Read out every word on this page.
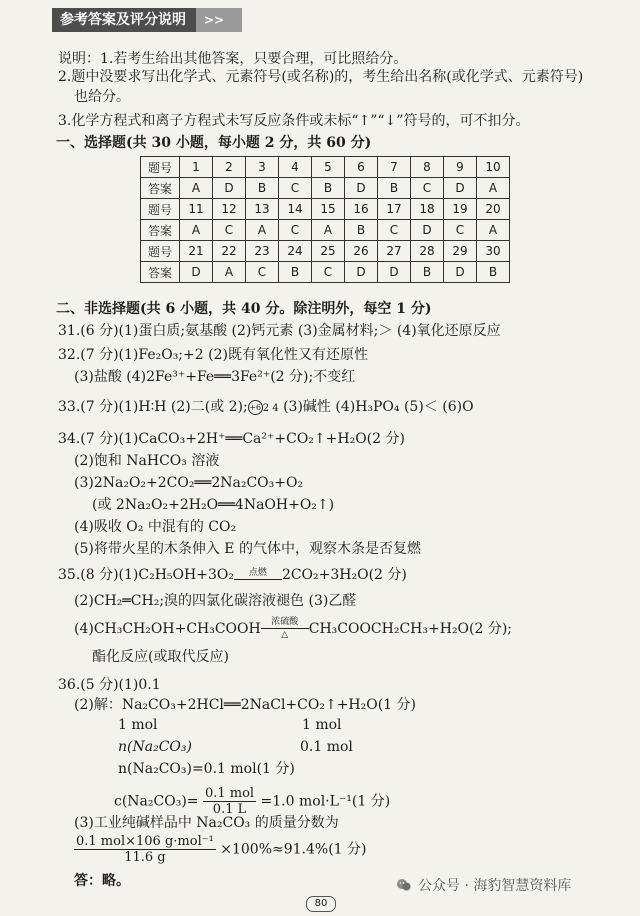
参考答案及评分说明	>>
说明：1.若考生给出其他答案，只要合理，可比照给分。
2.题中没要求写出化学式、元素符号(或名称)的，考生给出名称(或化学式、元素符号)
也给分。
3.化学方程式和离子方程式未写反应条件或未标“↑”“↓”符号的，可不扣分。
一、选择题(共 30 小题，每小题 2 分，共 60 分)
题号	1	2	3	4	5	6	7	8	9	10
答案	A	D	B	C	B	D	B	C	D	A
题号	11	12	13	14	15	16	17	18	19	20
答案	A	C	A	C	A	B	C	D	C	A
题号	21	22	23	24	25	26	27	28	29	30
答案	D	A	C	B	C	D	D	B	D	B
二、非选择题(共 6 小题，共 40 分。除注明外，每空 1 分)
31.(6 分)(1)蛋白质;氨基酸 (2)钙元素 (3)金属材料;＞ (4)氧化还原反应
32.(7 分)(1)Fe₂O₃;+2 (2)既有氧化性又有还原性
(3)盐酸 (4)2Fe³⁺+Fe══3Fe²⁺(2 分);不变红
33.(7 分)(1)H∶H (2)二(或 2); +6 2 4 (3)碱性 (4)H₃PO₄ (5)＜ (6)O
34.(7 分)(1)CaCO₃+2H⁺══Ca²⁺+CO₂↑+H₂O(2 分)
(2)饱和 NaHCO₃ 溶液
(3)2Na₂O₂+2CO₂══2Na₂CO₃+O₂
(或 2Na₂O₂+2H₂O══4NaOH+O₂↑)
(4)吸收 O₂ 中混有的 CO₂
(5)将带火星的木条伸入 E 的气体中，观察木条是否复燃
35.(8 分)(1)C₂H₅OH+3O₂	点燃	2CO₂+3H₂O(2 分)
(2)CH₂═CH₂;溴的四氯化碳溶液褪色 (3)乙醛
(4)CH₃CH₂OH+CH₃COOH	浓硫酸
△	CH₃COOCH₂CH₃+H₂O(2 分);
酯化反应(或取代反应)
36.(5 分)(1)0.1
(2)解：Na₂CO₃+2HCl══2NaCl+CO₂↑+H₂O(1 分)
1 mol	1 mol
n(Na₂CO₃)	0.1 mol
n(Na₂CO₃)=0.1 mol(1 分)
c(Na₂CO₃)= 0.1 mol
0.1 L	=1.0 mol·L⁻¹(1 分)
(3)工业纯碱样品中 Na₂CO₃ 的质量分数为
0.1 mol×106 g·mol⁻¹
11.6 g	×100%≈91.4%(1 分)
答：略。	公众号 · 海豹智慧资料库
80
